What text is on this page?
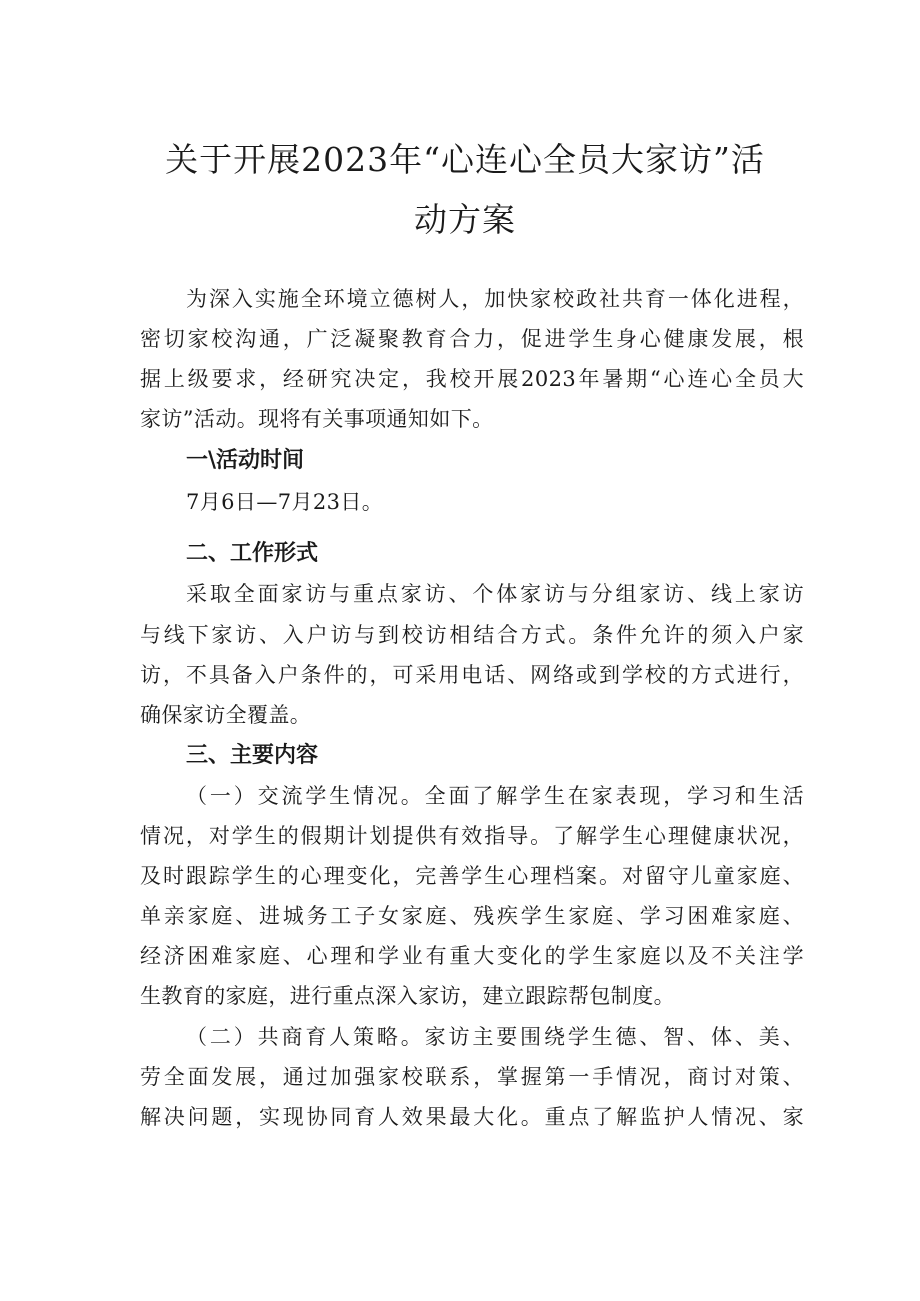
关于开展2023年“心连心全员大家访”活
动方案
为深入实施全环境立德树人，加快家校政社共育一体化进程，
密切家校沟通，广泛凝聚教育合力，促进学生身心健康发展，根
据上级要求，经研究决定，我校开展2023年暑期“心连心全员大
家访”活动。现将有关事项通知如下。
一\活动时间
7月6日—7月23日。
二、工作形式
采取全面家访与重点家访、个体家访与分组家访、线上家访
与线下家访、入户访与到校访相结合方式。条件允许的须入户家
访，不具备入户条件的，可采用电话、网络或到学校的方式进行，
确保家访全覆盖。
三、主要内容
（一）交流学生情况。全面了解学生在家表现，学习和生活
情况，对学生的假期计划提供有效指导。了解学生心理健康状况，
及时跟踪学生的心理变化，完善学生心理档案。对留守儿童家庭、
单亲家庭、进城务工子女家庭、残疾学生家庭、学习困难家庭、
经济困难家庭、心理和学业有重大变化的学生家庭以及不关注学
生教育的家庭，进行重点深入家访，建立跟踪帮包制度。
（二）共商育人策略。家访主要围绕学生德、智、体、美、
劳全面发展，通过加强家校联系，掌握第一手情况，商讨对策、
解决问题，实现协同育人效果最大化。重点了解监护人情况、家
